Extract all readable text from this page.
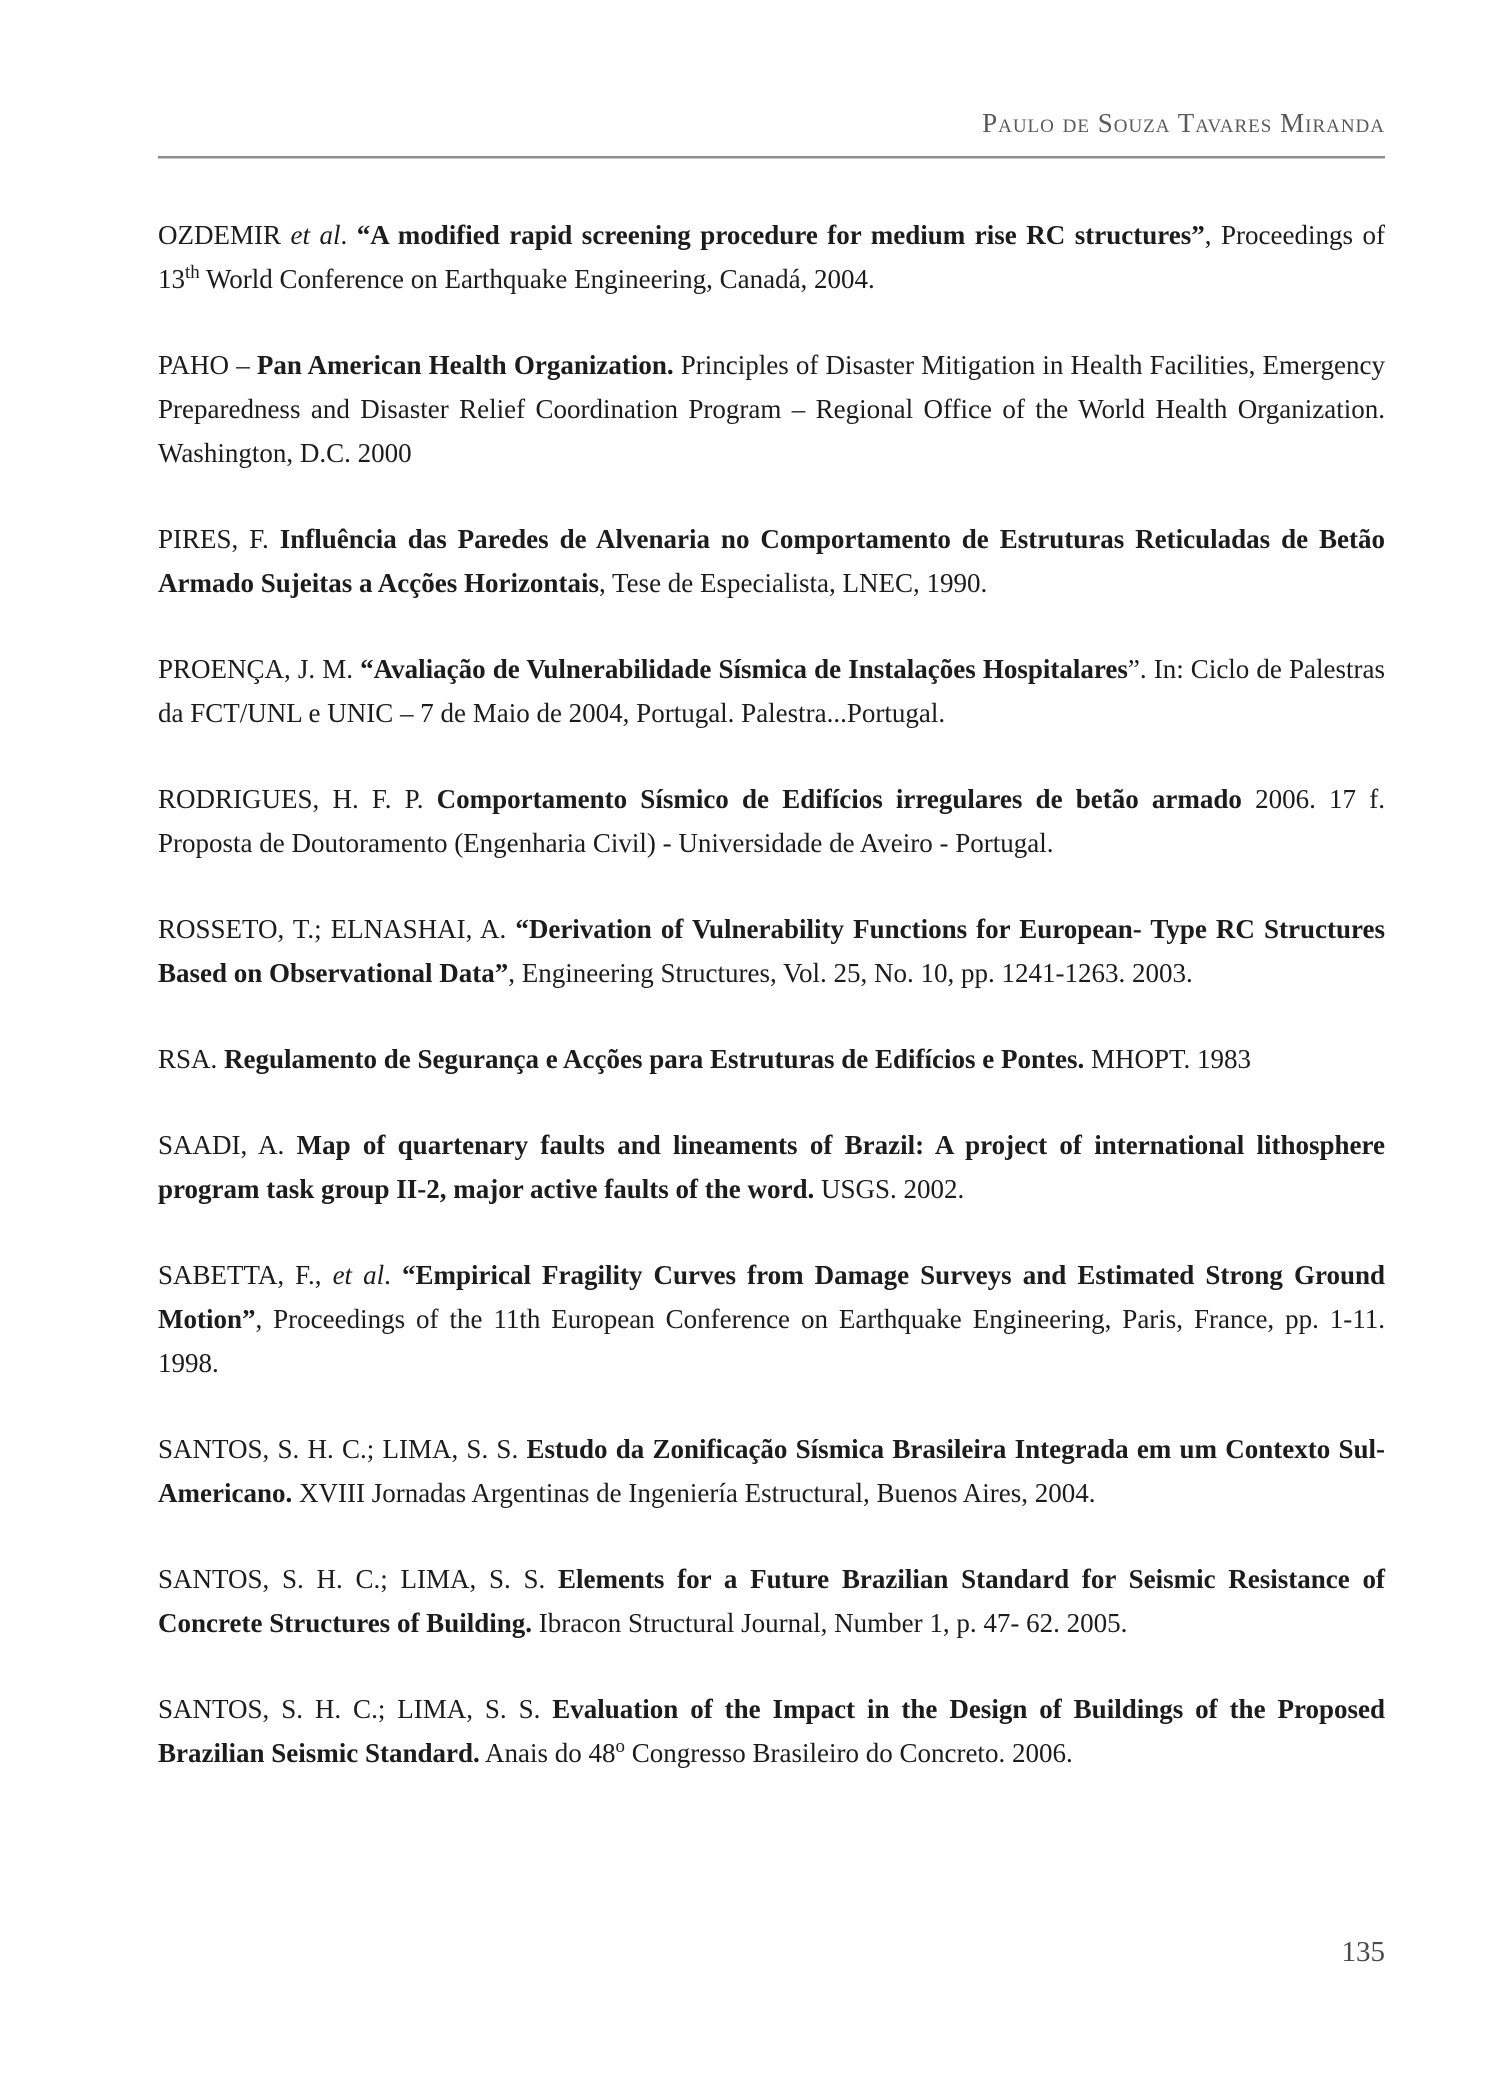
Paulo de Souza Tavares Miranda

OZDEMIR et al. “A modified rapid screening procedure for medium rise RC structures”, Proceedings of 13th World Conference on Earthquake Engineering, Canadá, 2004.

PAHO – Pan American Health Organization. Principles of Disaster Mitigation in Health Facilities, Emergency Preparedness and Disaster Relief Coordination Program – Regional Office of the World Health Organization. Washington, D.C. 2000

PIRES, F. Influência das Paredes de Alvenaria no Comportamento de Estruturas Reticuladas de Betão Armado Sujeitas a Acções Horizontais, Tese de Especialista, LNEC, 1990.

PROENÇA, J. M. “Avaliação de Vulnerabilidade Sísmica de Instalações Hospitalares”. In: Ciclo de Palestras da FCT/UNL e UNIC – 7 de Maio de 2004, Portugal. Palestra...Portugal.

RODRIGUES, H. F. P. Comportamento Sísmico de Edifícios irregulares de betão armado 2006. 17 f. Proposta de Doutoramento (Engenharia Civil) - Universidade de Aveiro - Portugal.

ROSSETO, T.; ELNASHAI, A. “Derivation of Vulnerability Functions for European- Type RC Structures Based on Observational Data”, Engineering Structures, Vol. 25, No. 10, pp. 1241-1263. 2003.

RSA. Regulamento de Segurança e Acções para Estruturas de Edifícios e Pontes. MHOPT. 1983

SAADI, A. Map of quartenary faults and lineaments of Brazil: A project of international lithosphere program task group II-2, major active faults of the word. USGS. 2002.

SABETTA, F., et al. “Empirical Fragility Curves from Damage Surveys and Estimated Strong Ground Motion”, Proceedings of the 11th European Conference on Earthquake Engineering, Paris, France, pp. 1-11. 1998.

SANTOS, S. H. C.; LIMA, S. S. Estudo da Zonificação Sísmica Brasileira Integrada em um Contexto Sul-Americano. XVIII Jornadas Argentinas de Ingeniería Estructural, Buenos Aires, 2004.

SANTOS, S. H. C.; LIMA, S. S. Elements for a Future Brazilian Standard for Seismic Resistance of Concrete Structures of Building. Ibracon Structural Journal, Number 1, p. 47- 62. 2005.

SANTOS, S. H. C.; LIMA, S. S. Evaluation of the Impact in the Design of Buildings of the Proposed Brazilian Seismic Standard. Anais do 48$^o$ Congresso Brasileiro do Concreto. 2006.

135
